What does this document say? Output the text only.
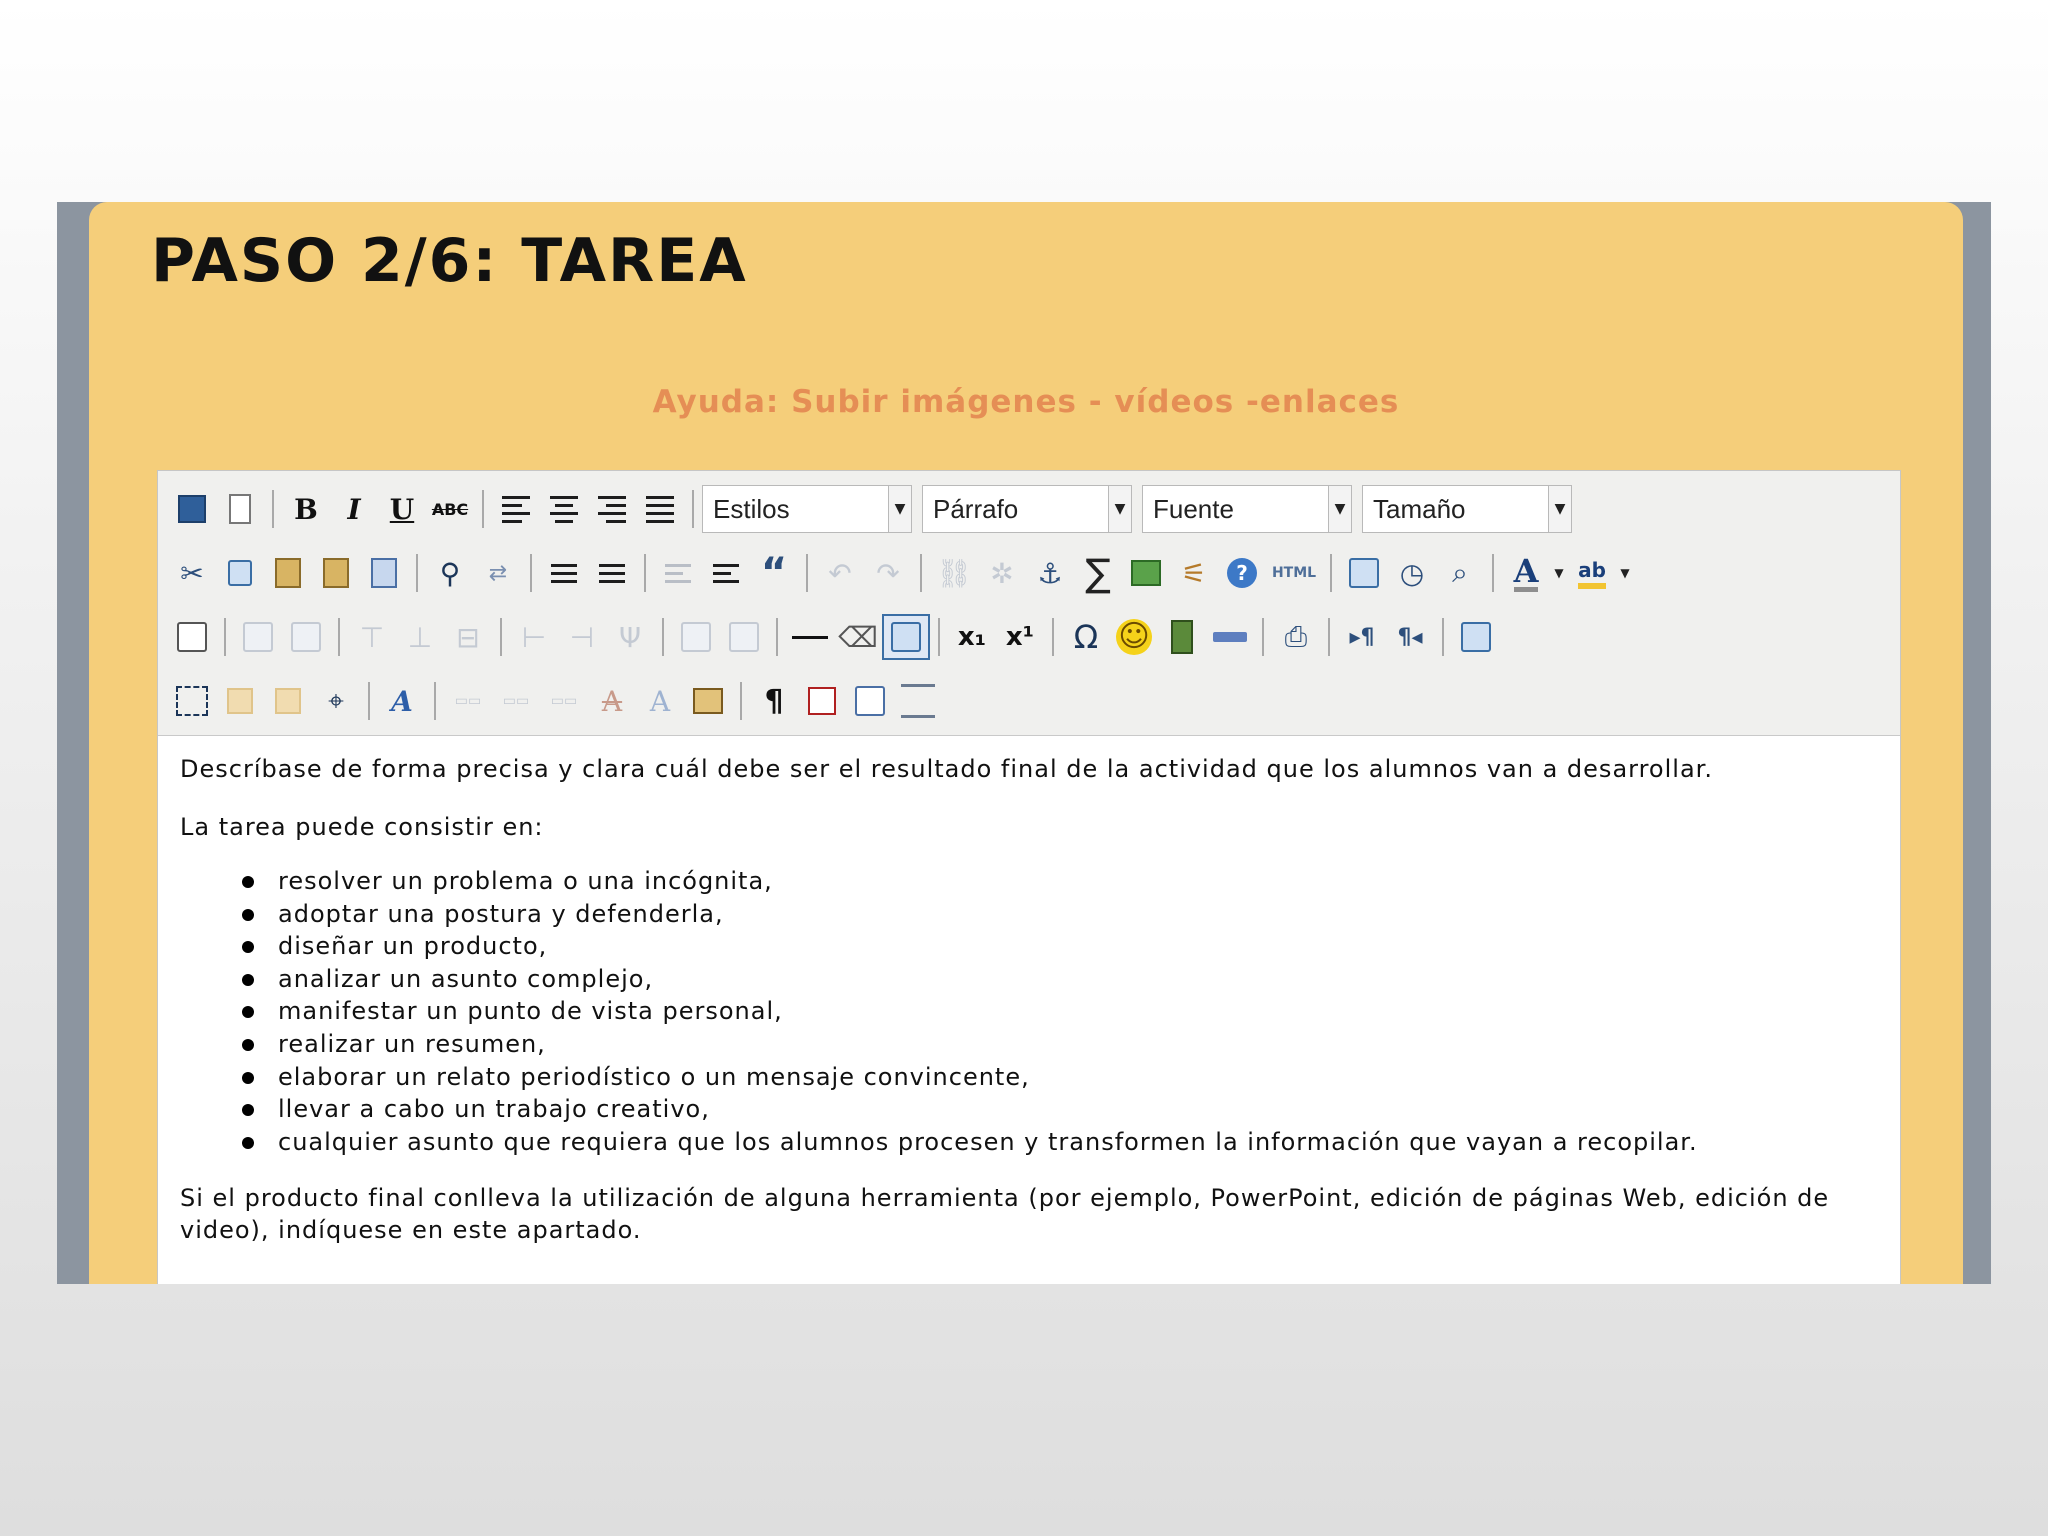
PASO 2/6: TAREA
Ayuda: Subir imágenes - vídeos -enlaces
B I U ABC	Estilos	▼ Párrafo	▼ Fuente	▼ Tamaño	▼
✂	⚲ ⇄	“ ↶ ↷ ⛓ ✲ ⚓ ∑	⚟	?	HTML	◷ ⌕ A ▼ ab ▼
⊤ ⊥ ⊟ ⊢ ⊣ Ψ	⌫	x₁ x¹ Ω ☺	⎙ ▸¶ ¶◂
⌖ A	▭▭ ▭▭ ▭▭ A A	¶

Descríbase de forma precisa y clara cuál debe ser el resultado final de la actividad que los alumnos van a desarrollar.

La tarea puede consistir en:

resolver un problema o una incógnita,
adoptar una postura y defenderla,
diseñar un producto,
analizar un asunto complejo,
manifestar un punto de vista personal,
realizar un resumen,
elaborar un relato periodístico o un mensaje convincente,
llevar a cabo un trabajo creativo,
cualquier asunto que requiera que los alumnos procesen y transformen la información que vayan a recopilar.

Si el producto final conlleva la utilización de alguna herramienta (por ejemplo, PowerPoint, edición de páginas Web, edición de video), indíquese en este apartado.
